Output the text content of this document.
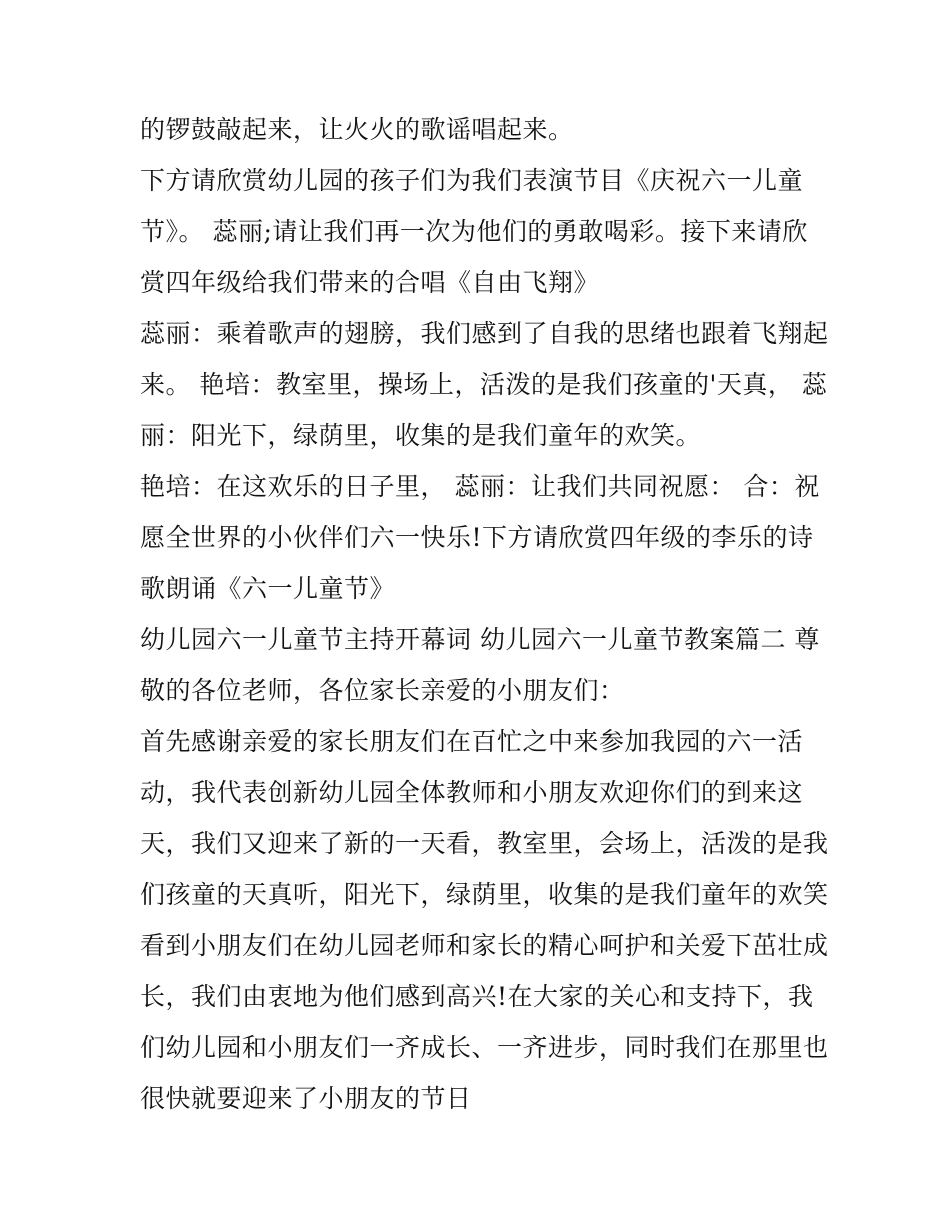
的锣鼓敲起来，让火火的歌谣唱起来。
下方请欣赏幼儿园的孩子们为我们表演节目《庆祝六一儿童
节》。 蕊丽;请让我们再一次为他们的勇敢喝彩。接下来请欣
赏四年级给我们带来的合唱《自由飞翔》
蕊丽：乘着歌声的翅膀，我们感到了自我的思绪也跟着飞翔起
来。 艳培：教室里，操场上，活泼的是我们孩童的'天真， 蕊
丽：阳光下，绿荫里，收集的是我们童年的欢笑。
艳培：在这欢乐的日子里， 蕊丽：让我们共同祝愿： 合：祝
愿全世界的小伙伴们六一快乐!下方请欣赏四年级的李乐的诗
歌朗诵《六一儿童节》
幼儿园六一儿童节主持开幕词 幼儿园六一儿童节教案篇二 尊
敬的各位老师，各位家长亲爱的小朋友们：
首先感谢亲爱的家长朋友们在百忙之中来参加我园的六一活
动，我代表创新幼儿园全体教师和小朋友欢迎你们的到来这
天，我们又迎来了新的一天看，教室里，会场上，活泼的是我
们孩童的天真听，阳光下，绿荫里，收集的是我们童年的欢笑
看到小朋友们在幼儿园老师和家长的精心呵护和关爱下茁壮成
长，我们由衷地为他们感到高兴!在大家的关心和支持下，我
们幼儿园和小朋友们一齐成长、一齐进步，同时我们在那里也
很快就要迎来了小朋友的节日
